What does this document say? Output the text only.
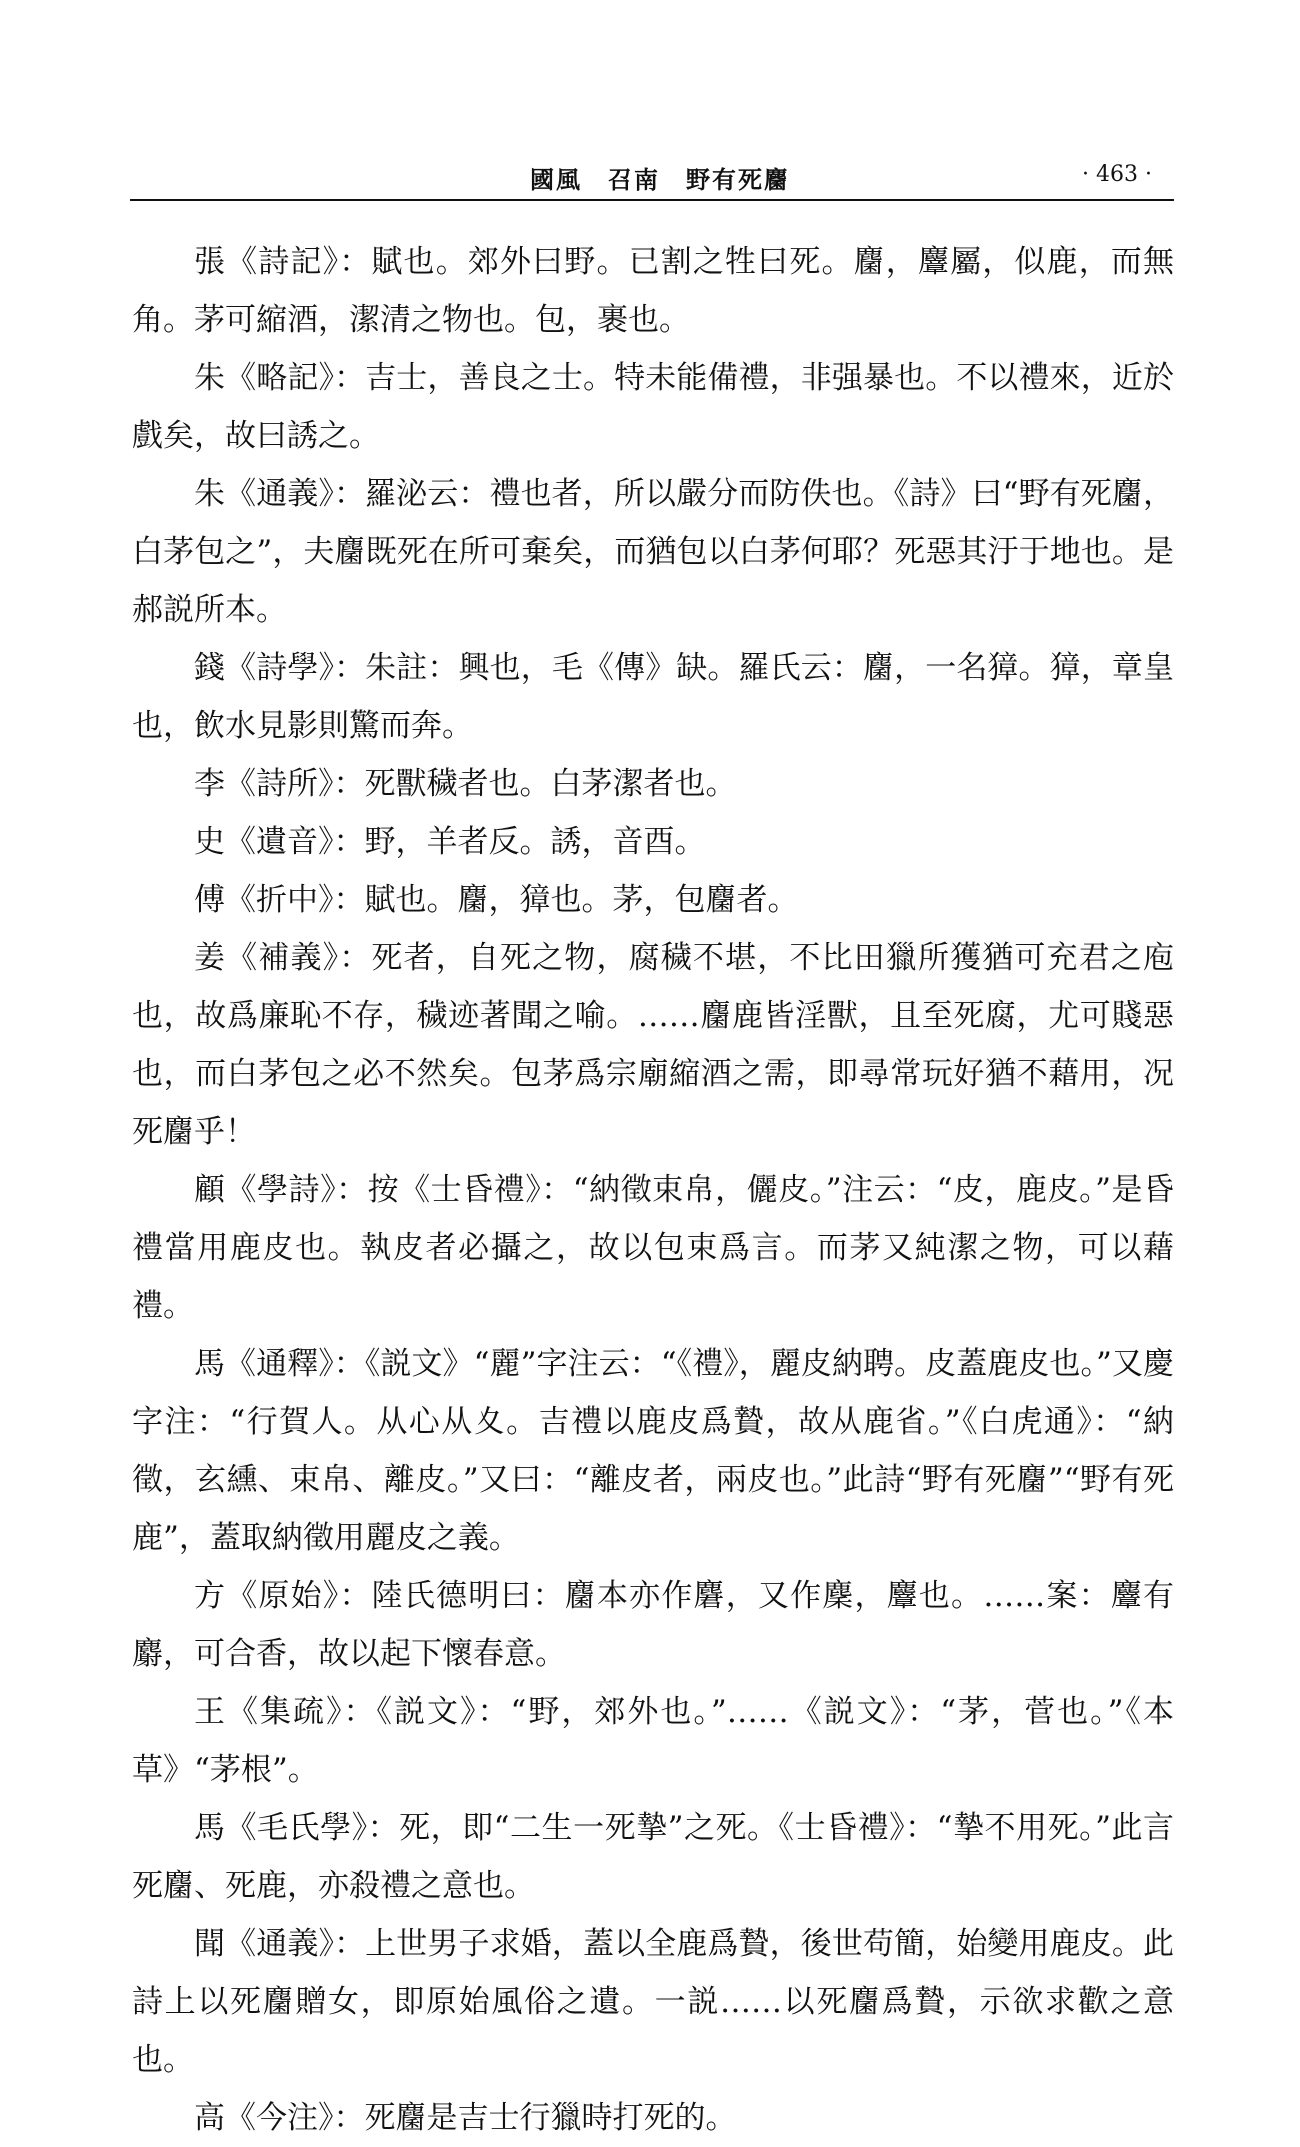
國風　召南　野有死麕	· 463 ·

張《詩記》：賦也。郊外曰野。已割之牲曰死。麕，麞屬，似鹿，而無角。茅可縮酒，潔清之物也。包，裹也。

朱《略記》：吉士，善良之士。特未能備禮，非强暴也。不以禮來，近於戲矣，故曰誘之。

朱《通義》：羅泌云：禮也者，所以嚴分而防佚也。《詩》曰“野有死麕，白茅包之”，夫麕既死在所可棄矣，而猶包以白茅何耶？死惡其汙于地也。是郝説所本。

錢《詩學》：朱註：興也，毛《傳》缺。羅氏云：麕，一名獐。獐，章皇也，飲水見影則驚而奔。

李《詩所》：死獸穢者也。白茅潔者也。

史《遺音》：野，羊者反。誘，音酉。

傅《折中》：賦也。麕，獐也。茅，包麕者。

姜《補義》：死者，自死之物，腐穢不堪，不比田獵所獲猶可充君之庖也，故爲廉恥不存，穢迹著聞之喻。……麕鹿皆淫獸，且至死腐，尤可賤惡也，而白茅包之必不然矣。包茅爲宗廟縮酒之需，即尋常玩好猶不藉用，况死麕乎！

顧《學詩》：按《士昏禮》：“納徵束帛，儷皮。”注云：“皮，鹿皮。”是昏禮當用鹿皮也。執皮者必攝之，故以包束爲言。而茅又純潔之物，可以藉禮。

馬《通釋》：《説文》“麗”字注云：“《禮》，麗皮納聘。皮蓋鹿皮也。”又慶字注：“行賀人。从心从夊。吉禮以鹿皮爲贄，故从鹿省。”《白虎通》：“納徵，玄纁、束帛、離皮。”又曰：“離皮者，兩皮也。”此詩“野有死麕”“野有死鹿”，蓋取納徵用麗皮之義。

方《原始》：陸氏德明曰：麕本亦作麏，又作麇，麞也。……案：麞有麝，可合香，故以起下懷春意。

王《集疏》：《説文》：“野，郊外也。”……《説文》：“茅，菅也。”《本草》“茅根”。

馬《毛氏學》：死，即“二生一死摯”之死。《士昏禮》：“摯不用死。”此言死麕、死鹿，亦殺禮之意也。

聞《通義》：上世男子求婚，蓋以全鹿爲贄，後世苟簡，始變用鹿皮。此詩上以死麕贈女，即原始風俗之遺。一説……以死麕爲贄，示欲求歡之意也。

高《今注》：死麕是吉士行獵時打死的。
